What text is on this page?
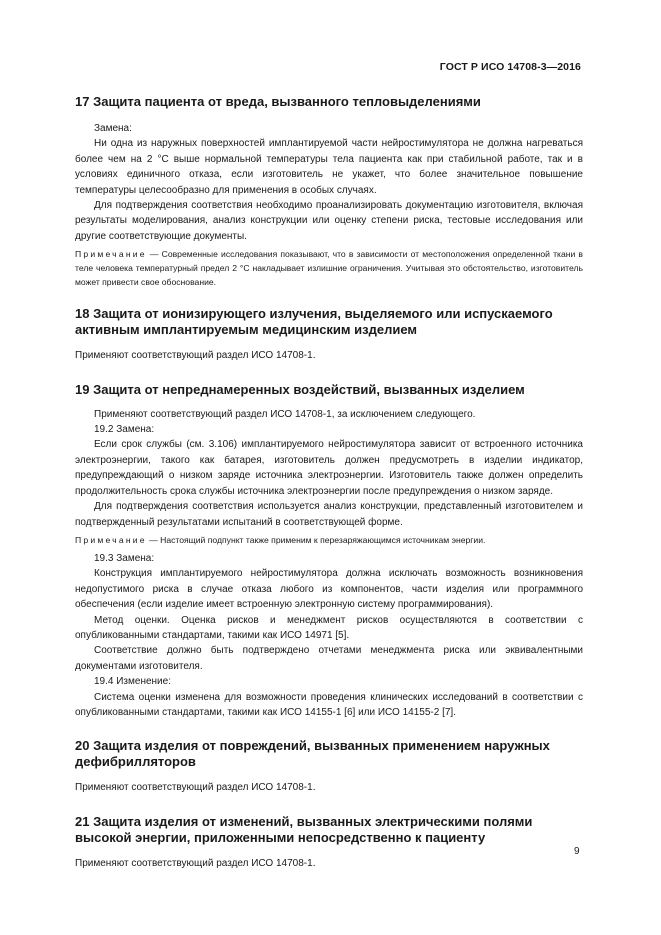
ГОСТ Р ИСО 14708-3—2016
17 Защита пациента от вреда, вызванного тепловыделениями

Замена:

Ни одна из наружных поверхностей имплантируемой части нейростимулятора не должна нагреваться более чем на 2 °C выше нормальной температуры тела пациента как при стабильной работе, так и в условиях единичного отказа, если изготовитель не укажет, что более значительное повышение температуры целесообразно для применения в особых случаях.

Для подтверждения соответствия необходимо проанализировать документацию изготовителя, включая результаты моделирования, анализ конструкции или оценку степени риска, тестовые исследования или другие соответствующие документы.

Примечание — Современные исследования показывают, что в зависимости от местоположения определенной ткани в теле человека температурный предел 2 °C накладывает излишние ограничения. Учитывая это обстоятельство, изготовитель может привести свое обоснование.

18 Защита от ионизирующего излучения, выделяемого или испускаемого
активным имплантируемым медицинским изделием

Применяют соответствующий раздел ИСО 14708-1.

19 Защита от непреднамеренных воздействий, вызванных изделием

Применяют соответствующий раздел ИСО 14708-1, за исключением следующего.

19.2 Замена:

Если срок службы (см. 3.106) имплантируемого нейростимулятора зависит от встроенного источника электроэнергии, такого как батарея, изготовитель должен предусмотреть в изделии индикатор, предупреждающий о низком заряде источника электроэнергии. Изготовитель также должен определить продолжительность срока службы источника электроэнергии после предупреждения о низком заряде.

Для подтверждения соответствия используется анализ конструкции, представленный изготовителем и подтвержденный результатами испытаний в соответствующей форме.

Примечание — Настоящий подпункт также применим к перезаряжающимся источникам энергии.

19.3 Замена:

Конструкция имплантируемого нейростимулятора должна исключать возможность возникновения недопустимого риска в случае отказа любого из компонентов, части изделия или программного обеспечения (если изделие имеет встроенную электронную систему программирования).

Метод оценки. Оценка рисков и менеджмент рисков осуществляются в соответствии с опубликованными стандартами, такими как ИСО 14971 [5].

Соответствие должно быть подтверждено отчетами менеджмента риска или эквивалентными документами изготовителя.

19.4 Изменение:

Система оценки изменена для возможности проведения клинических исследований в соответствии с опубликованными стандартами, такими как ИСО 14155-1 [6] или ИСО 14155-2 [7].

20 Защита изделия от повреждений, вызванных применением наружных
дефибрилляторов

Применяют соответствующий раздел ИСО 14708-1.

21 Защита изделия от изменений, вызванных электрическими полями
высокой энергии, приложенными непосредственно к пациенту

Применяют соответствующий раздел ИСО 14708-1.

9
